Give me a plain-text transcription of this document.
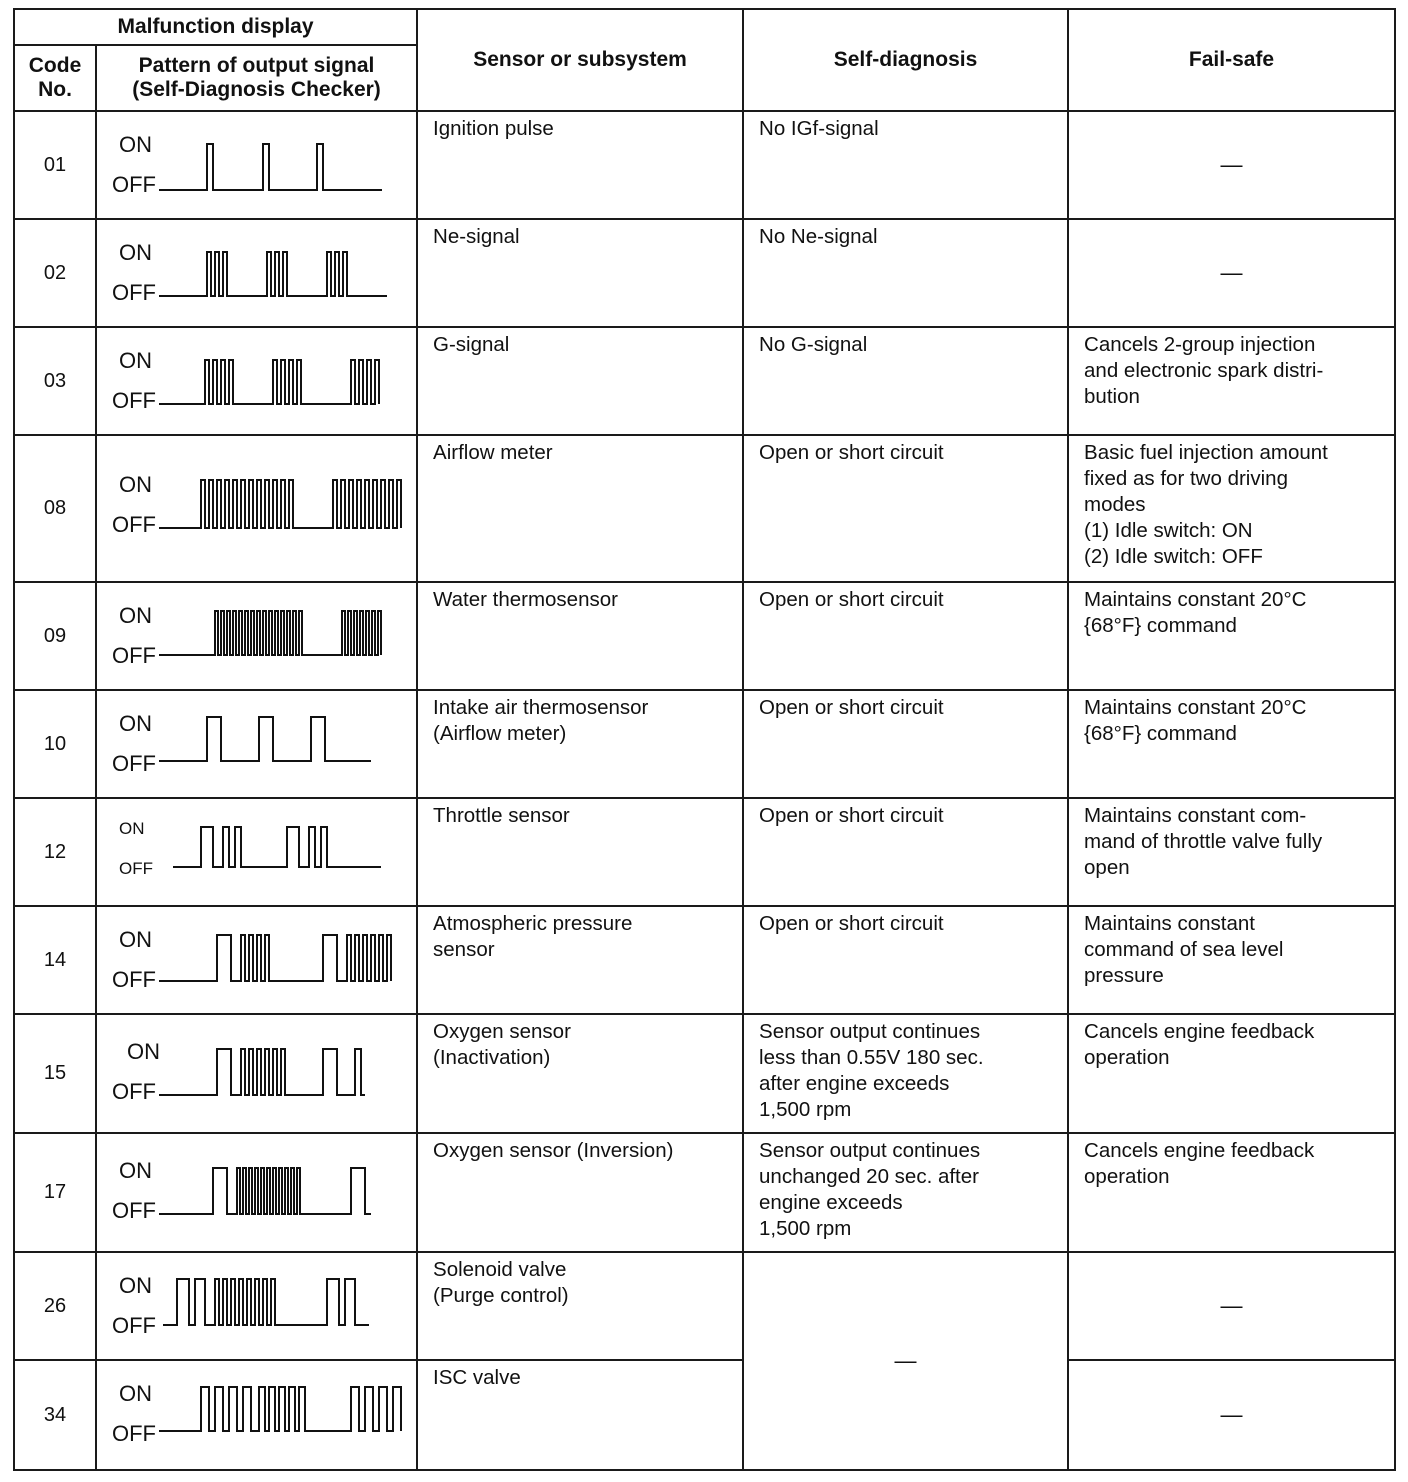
Malfunction display		Sensor or subsystem	Self-diagnosis	Fail-safe
Code
No.	Pattern of output signal
(Self-Diagnosis Checker)			
01	ON
OFF	Ignition pulse	No IGf-signal	—
02	ON
OFF	Ne-signal	No Ne-signal	—
03	ON
OFF	G-signal	No G-signal	Cancels 2-group injection
and electronic spark distri-
bution
08	ON
OFF	Airflow meter	Open or short circuit	Basic fuel injection amount
fixed as for two driving
modes
(1) Idle switch: ON
(2) Idle switch: OFF
09	ON
OFF	Water thermosensor	Open or short circuit	Maintains constant 20°C
{68°F} command
10	ON
OFF	Intake air thermosensor
(Airflow meter)	Open or short circuit	Maintains constant 20°C
{68°F} command
12	ON
OFF	Throttle sensor	Open or short circuit	Maintains constant com-
mand of throttle valve fully
open
14	ON
OFF	Atmospheric pressure
sensor	Open or short circuit	Maintains constant
command of sea level
pressure
15	ON
OFF	Oxygen sensor
(Inactivation)	Sensor output continues
less than 0.55V 180 sec.
after engine exceeds
1,500 rpm	Cancels engine feedback
operation
17	ON
OFF	Oxygen sensor (Inversion)	Sensor output continues
unchanged 20 sec. after
engine exceeds
1,500 rpm	Cancels engine feedback
operation
26	ON
OFF	Solenoid valve
(Purge control)	—	—
34	ON
OFF	ISC valve		—
